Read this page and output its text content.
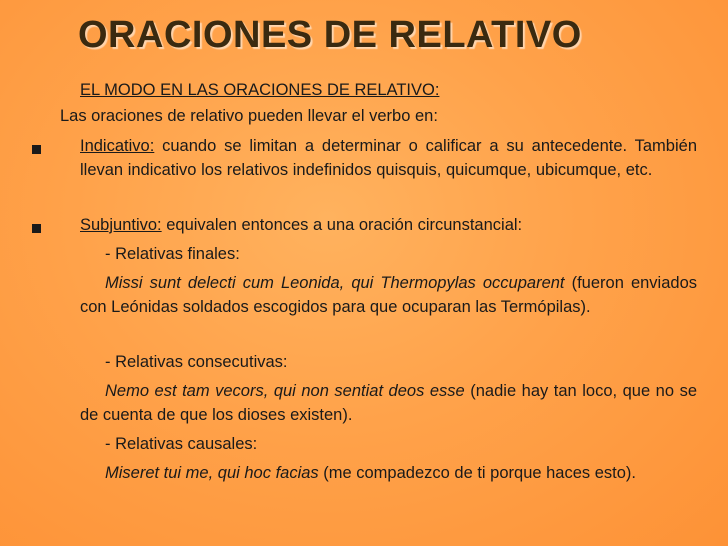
ORACIONES DE RELATIVO
EL MODO EN LAS ORACIONES DE RELATIVO:
Las oraciones de relativo pueden llevar el verbo en:
Indicativo: cuando se limitan a determinar o calificar a su antecedente. También llevan indicativo los relativos indefinidos quisquis, quicumque, ubicumque, etc.
Subjuntivo: equivalen entonces a una oración circunstancial:
- Relativas finales:
Missi sunt delecti cum Leonida, qui Thermopylas occuparent (fueron enviados con Leónidas soldados escogidos para que ocuparan las Termópilas).
- Relativas consecutivas:
Nemo est tam vecors, qui non sentiat deos esse (nadie hay tan loco, que no se de cuenta de que los dioses existen).
- Relativas causales:
Miseret tui me, qui hoc facias (me compadezco de ti porque haces esto).
